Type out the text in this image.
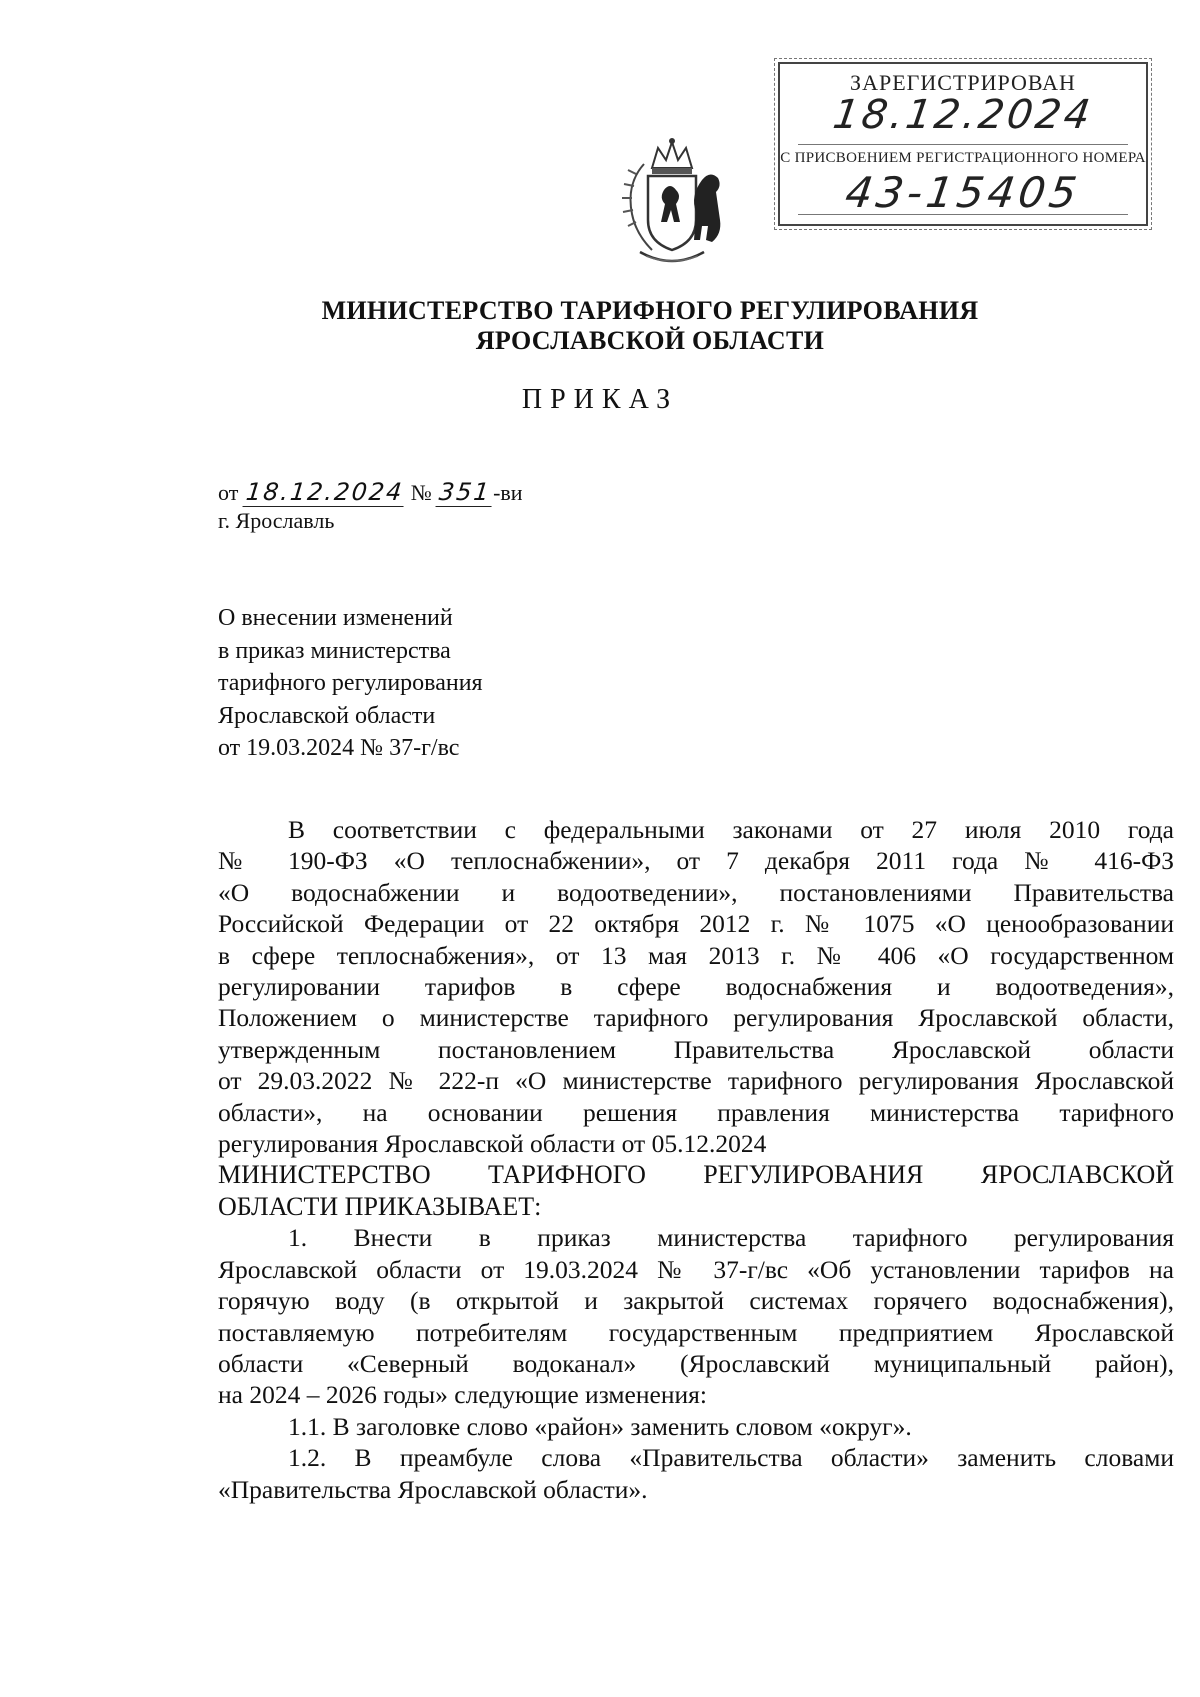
ЗАРЕГИСТРИРОВАН
18.12.2024
С ПРИСВОЕНИЕМ РЕГИСТРАЦИОННОГО НОМЕРА
43-15405
МИНИСТЕРСТВО ТАРИФНОГО РЕГУЛИРОВАНИЯ
ЯРОСЛАВСКОЙ ОБЛАСТИ
ПРИКАЗ
от 18.12.2024 № 351-ви
г. Ярославль
О внесении изменений
в приказ министерства
тарифного регулирования
Ярославской области
от 19.03.2024 № 37-г/вс
В соответствии с федеральными законами от 27 июля 2010 года
№ 190-ФЗ «О теплоснабжении», от 7 декабря 2011 года № 416-ФЗ
«О водоснабжении и водоотведении», постановлениями Правительства
Российской Федерации от 22 октября 2012 г. № 1075 «О ценообразовании
в сфере теплоснабжения», от 13 мая 2013 г. № 406 «О государственном
регулировании тарифов в сфере водоснабжения и водоотведения»,
Положением о министерстве тарифного регулирования Ярославской области,
утвержденным постановлением Правительства Ярославской области
от 29.03.2022 № 222-п «О министерстве тарифного регулирования Ярославской
области», на основании решения правления министерства тарифного
регулирования Ярославской области от 05.12.2024
МИНИСТЕРСТВО ТАРИФНОГО РЕГУЛИРОВАНИЯ ЯРОСЛАВСКОЙ
ОБЛАСТИ ПРИКАЗЫВАЕТ:
1. Внести в приказ министерства тарифного регулирования
Ярославской области от 19.03.2024 № 37-г/вс «Об установлении тарифов на
горячую воду (в открытой и закрытой системах горячего водоснабжения),
поставляемую потребителям государственным предприятием Ярославской
области «Северный водоканал» (Ярославский муниципальный район),
на 2024 – 2026 годы» следующие изменения:
1.1. В заголовке слово «район» заменить словом «округ».
1.2. В преамбуле слова «Правительства области» заменить словами
«Правительства Ярославской области».
